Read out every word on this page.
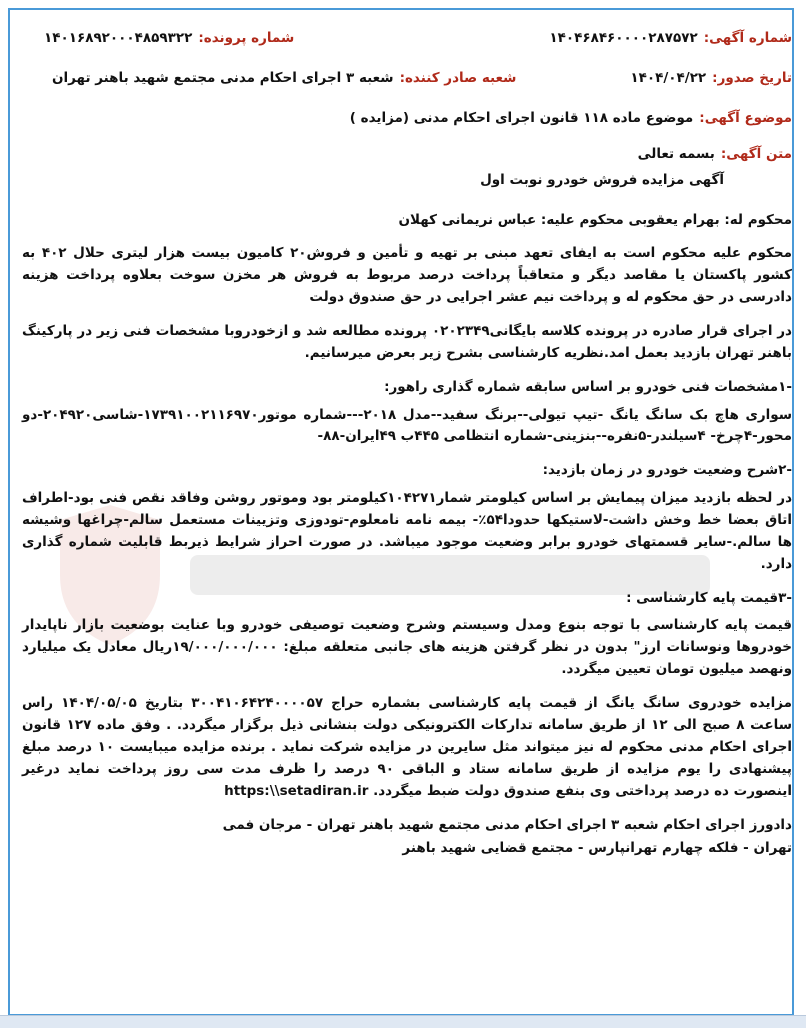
شماره آگهی:
۱۴۰۴۶۸۴۶۰۰۰۰۲۸۷۵۷۲
شماره پرونده:
۱۴۰۱۶۸۹۲۰۰۰۴۸۵۹۳۲۲
تاریخ صدور:
۱۴۰۴/۰۴/۲۲
شعبه صادر کننده:
شعبه ۳ اجرای احکام مدنی مجتمع شهید باهنر تهران
موضوع آگهی:
موضوع ماده ۱۱۸ قانون اجرای احکام مدنی (مزایده )
متن آگهی:
بسمه تعالی
آگهی مزایده فروش خودرو نوبت اول

محکوم له: بهرام یعقوبی محکوم علیه: عباس نریمانی کهلان

محکوم علیه محکوم است به ایفای تعهد مبنی بر تهیه و تأمین و فروش۲۰ کامیون بیست هزار لیتری حلال ۴۰۲ به کشور پاکستان یا مقاصد دیگر و متعاقباً پرداخت درصد مربوط به فروش هر مخزن سوخت بعلاوه پرداخت هزینه دادرسی در حق محکوم له و پرداخت نیم عشر اجرایی در حق صندوق دولت

در اجرای قرار صادره در پرونده کلاسه بایگانی۰۲۰۲۳۴۹ پرونده مطالعه شد و ازخودروبا مشخصات فنی زیر در پارکینگ باهنر تهران بازدید بعمل امد.نظریه کارشناسی بشرح زیر بعرض میرسانیم.

-۱مشخصات فنی خودرو بر اساس سابقه شماره گذاری راهور:

سواری هاچ بک سانگ یانگ -تیپ تیولی--برنگ سفید--مدل ۲۰۱۸---شماره موتور۱۷۳۹۱۰۰۲۱۱۶۹۷۰-شاسی۲۰۴۹۲۰-دو محور-۴چرخ- ۴سیلندر-۵نفره--بنزینی-شماره انتظامی ۴۴۵ب ۴۹ایران-۸۸-

-۲شرح وضعیت خودرو در زمان بازدید:

در لحظه بازدید میزان پیمایش بر اساس کیلومتر شمار۱۰۴۲۷۱کیلومتر بود وموتور روشن وفاقد نقص فنی بود-اطراف اتاق بعضا خط وخش داشت-لاستیکها حدودا۵۴٪- بیمه نامه نامعلوم-تودوزی وتزیینات مستعمل سالم-چراغها وشیشه ها سالم.-سایر قسمتهای خودرو برابر وضعیت موجود میباشد. در صورت احراز شرایط ذیربط قابلیت شماره گذاری دارد.

-۳قیمت پایه کارشناسی :

قیمت پایه کارشناسی با توجه بنوع ومدل وسیستم وشرح وضعیت توصیفی خودرو وبا عنایت بوضعیت بازار ناپایدار خودروها ونوسانات ارز" بدون در نظر گرفتن هزینه های جانبی متعلقه مبلغ: ۱۹/۰۰۰/۰۰۰/۰۰۰ریال معادل یک میلیارد ونهصد میلیون تومان تعیین میگردد.

مزایده خودروی سانگ یانگ از قیمت پایه کارشناسی بشماره حراج ۳۰۰۴۱۰۶۴۲۴۰۰۰۰۵۷ بتاریخ ۱۴۰۴/۰۵/۰۵ راس ساعت ۸ صبح الی ۱۲ از طریق سامانه تدارکات الکترونیکی دولت بنشانی ذیل برگزار میگردد. . وفق ماده ۱۲۷ قانون اجرای احکام مدنی محکوم له نیز میتواند مثل سایرین در مزایده شرکت نماید . برنده مزایده میبایست ۱۰ درصد مبلغ پیشنهادی را یوم مزایده از طریق سامانه ستاد و الباقی ۹۰ درصد را ظرف مدت سی روز پرداخت نماید درغیر اینصورت ده درصد پرداختی وی بنفع صندوق دولت ضبط میگردد. https:\\setadiran.ir

دادورز اجرای احکام شعبه ۳ اجرای احکام مدنی مجتمع شهید باهنر تهران - مرجان فمی
تهران - فلکه چهارم تهرانپارس - مجتمع قضایی شهید باهنر
